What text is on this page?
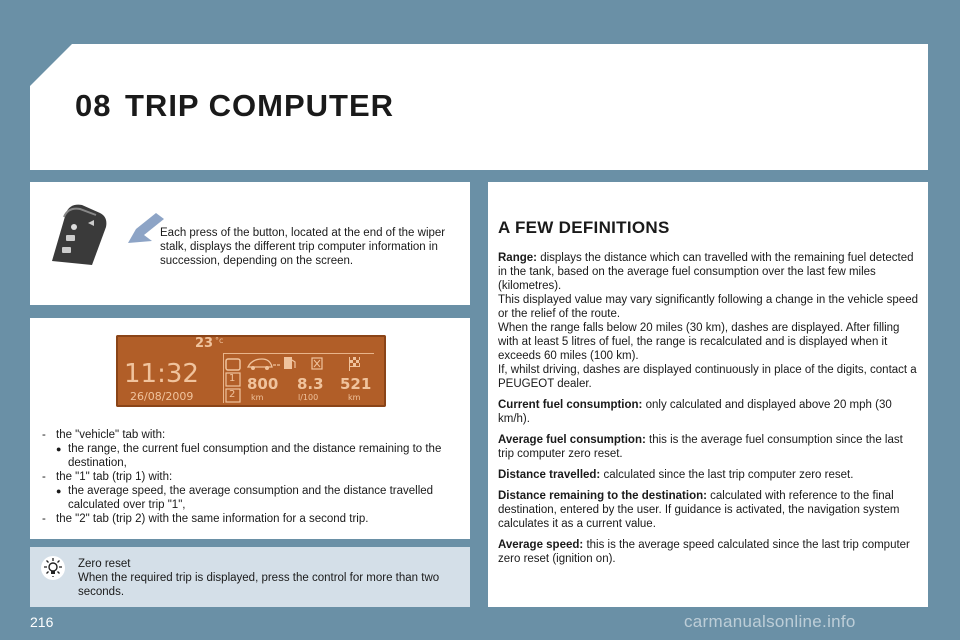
08 TRIP COMPUTER
Each press of the button, located at the end of the wiper stalk, displays the different trip computer information in succession, depending on the screen.
23 °c
11:32
26/08/2009
1
2
800
km
8.3
l/100
521
km
- the "vehicle" tab with:
● the range, the current fuel consumption and the distance remaining to the destination,
- the "1" tab (trip 1) with:
● the average speed, the average consumption and the distance travelled calculated over trip "1",
- the "2" tab (trip 2) with the same information for a second trip.
Zero reset
When the required trip is displayed, press the control for more than two seconds.
A FEW DEFINITIONS

Range: displays the distance which can travelled with the remaining fuel detected in the tank, based on the average fuel consumption over the last few miles (kilometres).
This displayed value may vary significantly following a change in the vehicle speed or the relief of the route.
When the range falls below 20 miles (30 km), dashes are displayed. After filling with at least 5 litres of fuel, the range is recalculated and is displayed when it exceeds 60 miles (100 km).
If, whilst driving, dashes are displayed continuously in place of the digits, contact a PEUGEOT dealer.

Current fuel consumption: only calculated and displayed above 20 mph (30 km/h).

Average fuel consumption: this is the average fuel consumption since the last trip computer zero reset.

Distance travelled: calculated since the last trip computer zero reset.

Distance remaining to the destination: calculated with reference to the final destination, entered by the user. If guidance is activated, the navigation system calculates it as a current value.

Average speed: this is the average speed calculated since the last trip computer zero reset (ignition on).

216	carmanualsonline.info
